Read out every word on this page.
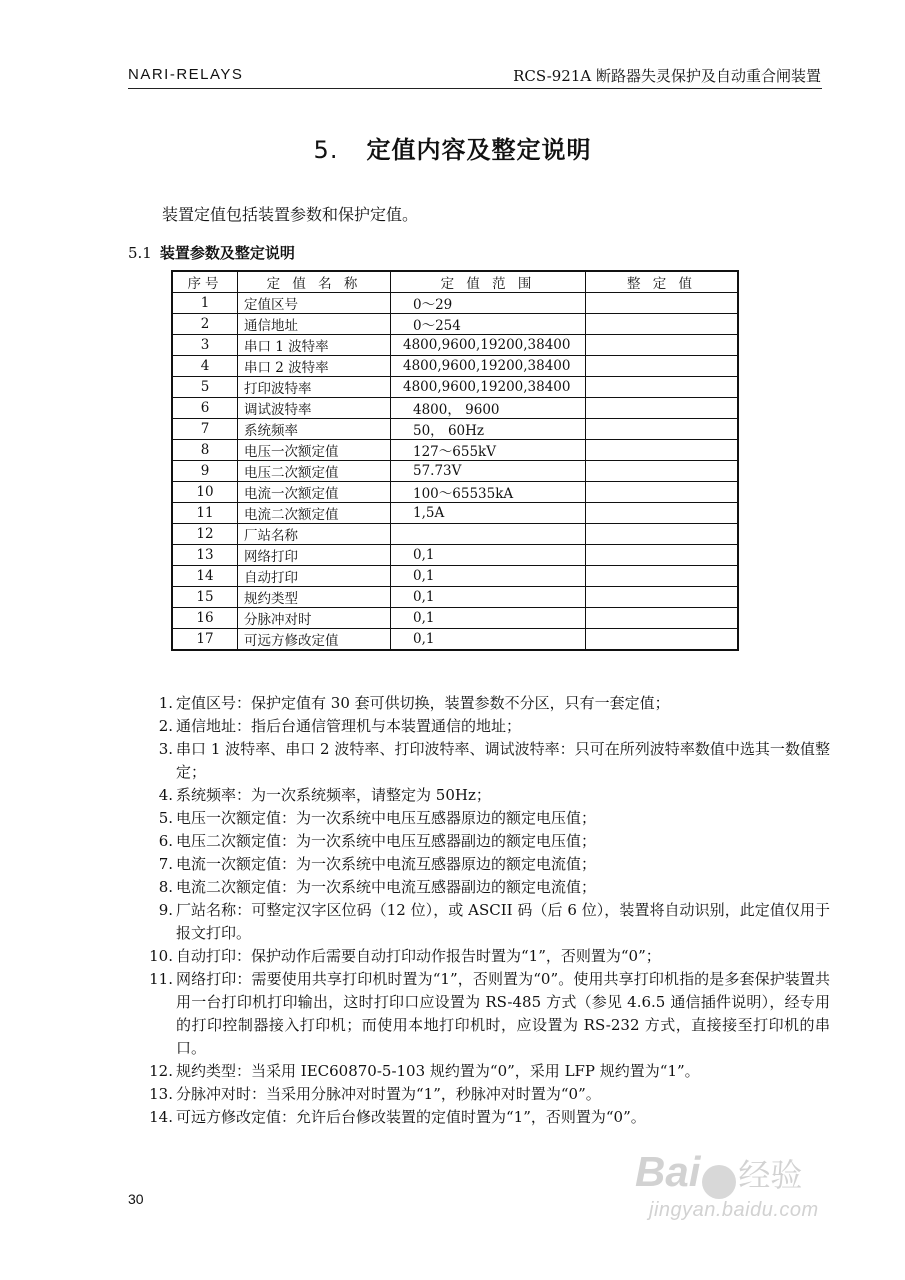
NARI-RELAYS	RCS-921A 断路器失灵保护及自动重合闸装置
5. 定值内容及整定说明
装置定值包括装置参数和保护定值。
5.1 装置参数及整定说明
序号	定 值 名 称	定 值 范 围	整 定 值
1	定值区号	0～29	
2	通信地址	0～254	
3	串口 1 波特率	4800,9600,19200,38400	
4	串口 2 波特率	4800,9600,19200,38400	
5	打印波特率	4800,9600,19200,38400	
6	调试波特率	4800， 9600	
7	系统频率	50， 60Hz	
8	电压一次额定值	127～655kV	
9	电压二次额定值	57.73V	
10	电流一次额定值	100～65535kA	
11	电流二次额定值	1,5A	
12	厂站名称		
13	网络打印	0,1	
14	自动打印	0,1	
15	规约类型	0,1	
16	分脉冲对时	0,1	
17	可远方修改定值	0,1	
1. 定值区号：保护定值有 30 套可供切换，装置参数不分区，只有一套定值；
2. 通信地址：指后台通信管理机与本装置通信的地址；
3. 串口 1 波特率、串口 2 波特率、打印波特率、调试波特率：只可在所列波特率数值中选其一数值整定；
4. 系统频率：为一次系统频率，请整定为 50Hz；
5. 电压一次额定值：为一次系统中电压互感器原边的额定电压值；
6. 电压二次额定值：为一次系统中电压互感器副边的额定电压值；
7. 电流一次额定值：为一次系统中电流互感器原边的额定电流值；
8. 电流二次额定值：为一次系统中电流互感器副边的额定电流值；
9. 厂站名称：可整定汉字区位码（12 位），或 ASCII 码（后 6 位），装置将自动识别，此定值仅用于报文打印。
10. 自动打印：保护动作后需要自动打印动作报告时置为“1”，否则置为“0”；
11. 网络打印：需要使用共享打印机时置为“1”，否则置为“0”。使用共享打印机指的是多套保护装置共用一台打印机打印输出，这时打印口应设置为 RS-485 方式（参见 4.6.5 通信插件说明），经专用的打印控制器接入打印机；而使用本地打印机时，应设置为 RS-232 方式，直接接至打印机的串口。
12. 规约类型：当采用 IEC60870-5-103 规约置为“0”，采用 LFP 规约置为“1”。
13. 分脉冲对时：当采用分脉冲对时置为“1”，秒脉冲对时置为“0”。
14. 可远方修改定值：允许后台修改装置的定值时置为“1”，否则置为“0”。
30
Bai 经验
jingyan.baidu.com
